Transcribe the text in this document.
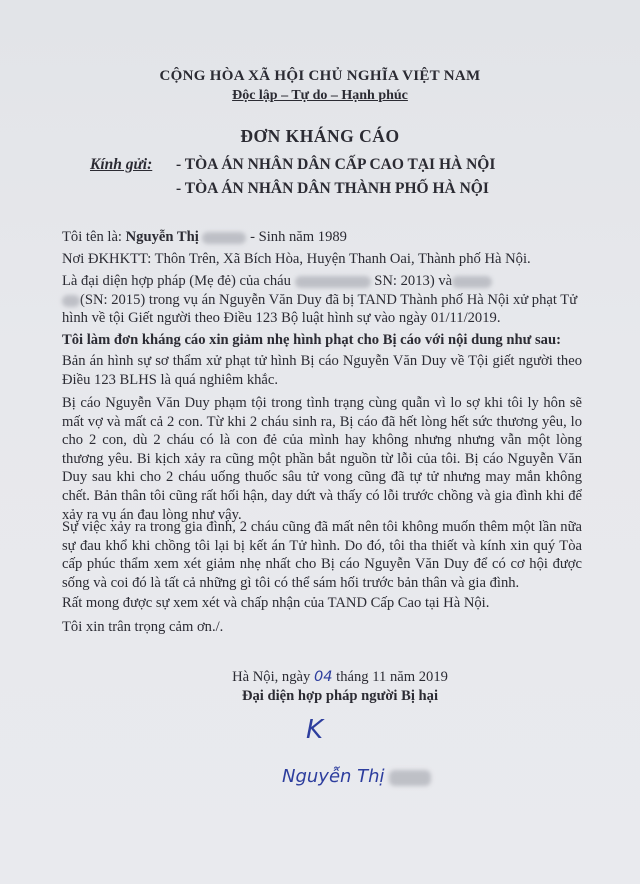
CỘNG HÒA XÃ HỘI CHỦ NGHĨA VIỆT NAM
Độc lập – Tự do – Hạnh phúc
ĐƠN KHÁNG CÁO
Kính gửi: - TÒA ÁN NHÂN DÂN CẤP CAO TẠI HÀ NỘI
- TÒA ÁN NHÂN DÂN THÀNH PHỐ HÀ NỘI
Tôi tên là: Nguyễn Thị	- Sinh năm 1989
Nơi ĐKHKTT: Thôn Trên, Xã Bích Hòa, Huyện Thanh Oai, Thành phố Hà Nội.
Là đại diện hợp pháp (Mẹ đẻ) của cháu	SN: 2013) và
(SN: 2015) trong vụ án Nguyễn Văn Duy đã bị TAND Thành phố Hà Nội xử phạt Tử
hình về tội Giết người theo Điều 123 Bộ luật hình sự vào ngày 01/11/2019.
Tôi làm đơn kháng cáo xin giảm nhẹ hình phạt cho Bị cáo với nội dung như sau:
Bản án hình sự sơ thẩm xử phạt tử hình Bị cáo Nguyễn Văn Duy về Tội giết người theo Điều 123 BLHS là quá nghiêm khắc.
Bị cáo Nguyễn Văn Duy phạm tội trong tình trạng cùng quẫn vì lo sợ khi tôi ly hôn sẽ mất vợ và mất cả 2 con. Từ khi 2 cháu sinh ra, Bị cáo đã hết lòng hết sức thương yêu, lo cho 2 con, dù 2 cháu có là con đẻ của mình hay không nhưng nhưng vẫn một lòng thương yêu. Bi kịch xảy ra cũng một phần bắt nguồn từ lỗi của tôi. Bị cáo Nguyễn Văn Duy sau khi cho 2 cháu uống thuốc sâu tử vong cũng đã tự tử nhưng may mắn không chết. Bản thân tôi cũng rất hối hận, day dứt và thấy có lỗi trước chồng và gia đình khi để xảy ra vụ án đau lòng như vậy.
Sự việc xảy ra trong gia đình, 2 cháu cũng đã mất nên tôi không muốn thêm một lần nữa sự đau khổ khi chồng tôi lại bị kết án Tử hình. Do đó, tôi tha thiết và kính xin quý Tòa cấp phúc thẩm xem xét giảm nhẹ nhất cho Bị cáo Nguyễn Văn Duy để có cơ hội được sống và coi đó là tất cả những gì tôi có thể sám hối trước bản thân và gia đình.
Rất mong được sự xem xét và chấp nhận của TAND Cấp Cao tại Hà Nội.
Tôi xin trân trọng cảm ơn./.
Hà Nội, ngày 04 tháng 11 năm 2019
Đại diện hợp pháp người Bị hại
K
Nguyễn Thị
